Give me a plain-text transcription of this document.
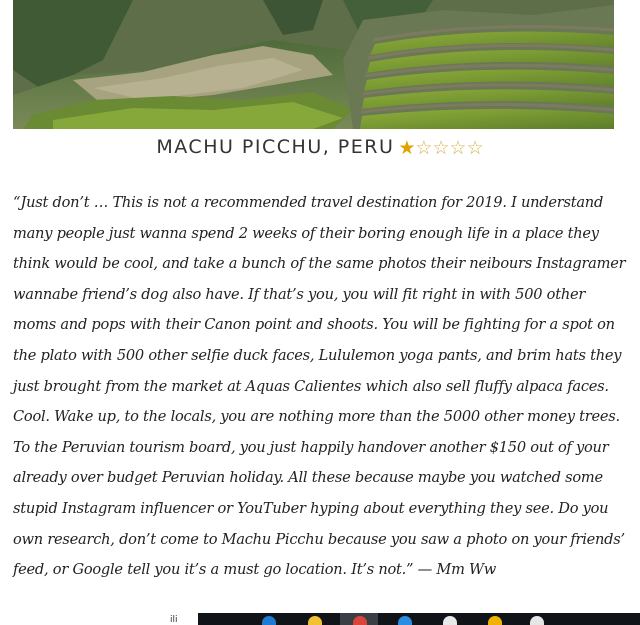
MACHU PICCHU, PERU ★☆☆☆☆
“Just don’t … This is not a recommended travel destination for 2019. I understand
many people just wanna spend 2 weeks of their boring enough life in a place they
think would be cool, and take a bunch of the same photos their neibours Instagramer
wannabe friend’s dog also have. If that’s you, you will fit right in with 500 other
moms and pops with their Canon point and shoots. You will be fighting for a spot on
the plato with 500 other selfie duck faces, Lululemon yoga pants, and brim hats they
just brought from the market at Aquas Calientes which also sell fluffy alpaca faces.
Cool. Wake up, to the locals, you are nothing more than the 5000 other money trees.
To the Peruvian tourism board, you just happily handover another $150 out of your
already over budget Peruvian holiday. All these because maybe you watched some
stupid Instagram influencer or YouTuber hyping about everything they see. Do you
own research, don’t come to Machu Picchu because you saw a photo on your friends’
feed, or Google tell you it’s a must go location. It’s not.” — Mm Ww
ili
